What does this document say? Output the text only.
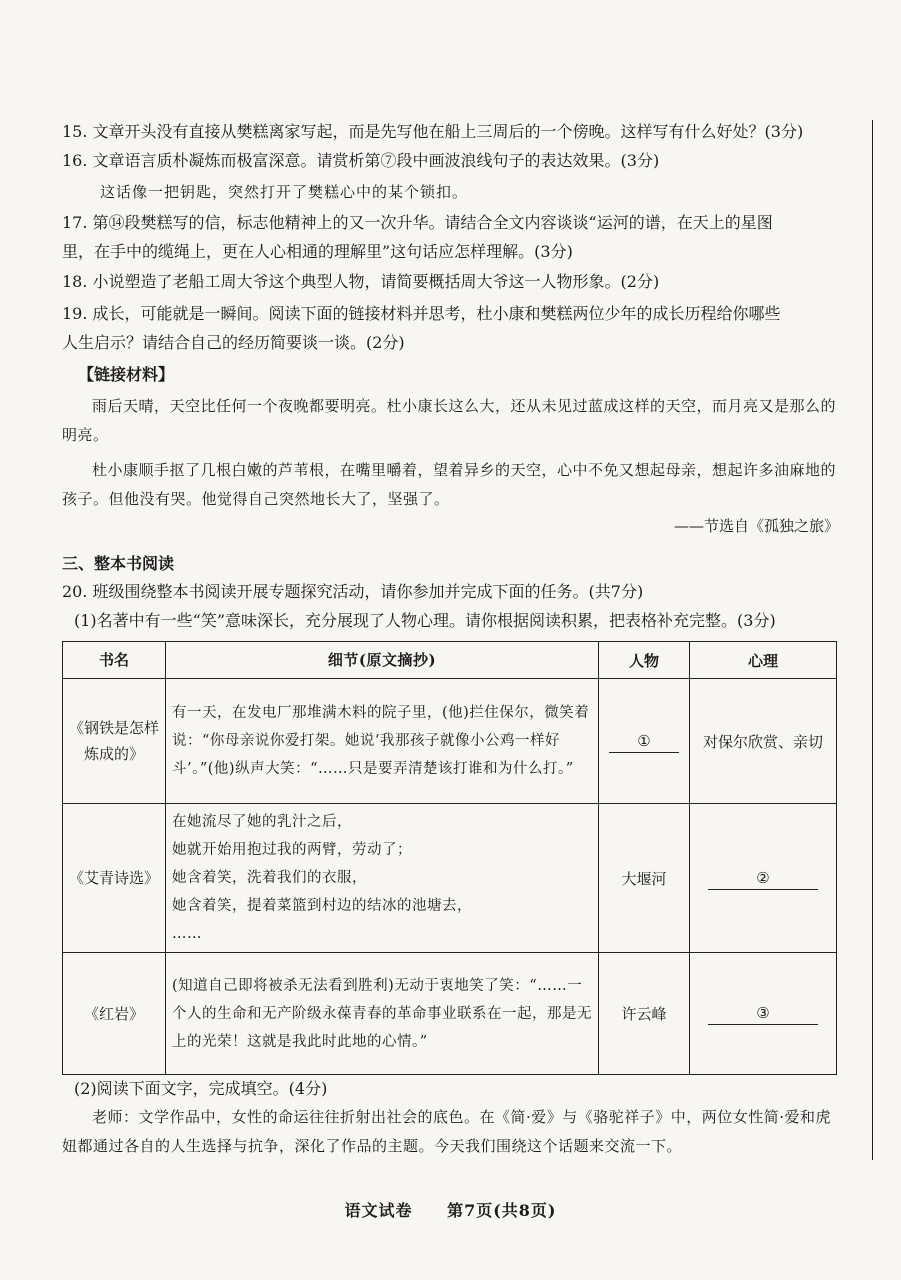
15. 文章开头没有直接从樊糕离家写起，而是先写他在船上三周后的一个傍晚。这样写有什么好处？(3分)
16. 文章语言质朴凝炼而极富深意。请赏析第⑦段中画波浪线句子的表达效果。(3分)
这话像一把钥匙，突然打开了樊糕心中的某个锁扣。
17. 第⑭段樊糕写的信，标志他精神上的又一次升华。请结合全文内容谈谈“运河的谱，在天上的星图
里，在手中的缆绳上，更在人心相通的理解里”这句话应怎样理解。(3分)
18. 小说塑造了老船工周大爷这个典型人物，请简要概括周大爷这一人物形象。(2分)
19. 成长，可能就是一瞬间。阅读下面的链接材料并思考，杜小康和樊糕两位少年的成长历程给你哪些
人生启示？请结合自己的经历简要谈一谈。(2分)
【链接材料】
雨后天晴，天空比任何一个夜晚都要明亮。杜小康长这么大，还从未见过蓝成这样的天空，而月亮又是那么的明亮。
杜小康顺手抠了几根白嫩的芦苇根，在嘴里嚼着，望着异乡的天空，心中不免又想起母亲，想起许多油麻地的孩子。但他没有哭。他觉得自己突然地长大了，坚强了。
——节选自《孤独之旅》
三、整本书阅读
20. 班级围绕整本书阅读开展专题探究活动，请你参加并完成下面的任务。(共7分)
(1)名著中有一些“笑”意味深长，充分展现了人物心理。请你根据阅读积累，把表格补充完整。(3分)
书名	细节(原文摘抄)	人物	心理
《钢铁是怎样炼成的》	有一天，在发电厂那堆满木料的院子里，(他)拦住保尔，微笑着说：“你母亲说你爱打架。她说‘我那孩子就像小公鸡一样好斗’。”(他)纵声大笑：“……只是要弄清楚该打谁和为什么打。”	①	对保尔欣赏、亲切
《艾青诗选》	在她流尽了她的乳汁之后，
她就开始用抱过我的两臂，劳动了；
她含着笑，洗着我们的衣服，
她含着笑，提着菜篮到村边的结冰的池塘去，
……	大堰河	②
《红岩》	(知道自己即将被杀无法看到胜利)无动于衷地笑了笑：“……一个人的生命和无产阶级永葆青春的革命事业联系在一起，那是无上的光荣！这就是我此时此地的心情。”	许云峰	③
(2)阅读下面文字，完成填空。(4分)
老师：文学作品中，女性的命运往往折射出社会的底色。在《简·爱》与《骆驼祥子》中，两位女性简·爱和虎妞都通过各自的人生选择与抗争，深化了作品的主题。今天我们围绕这个话题来交流一下。
语文试卷 第7页(共8页)
